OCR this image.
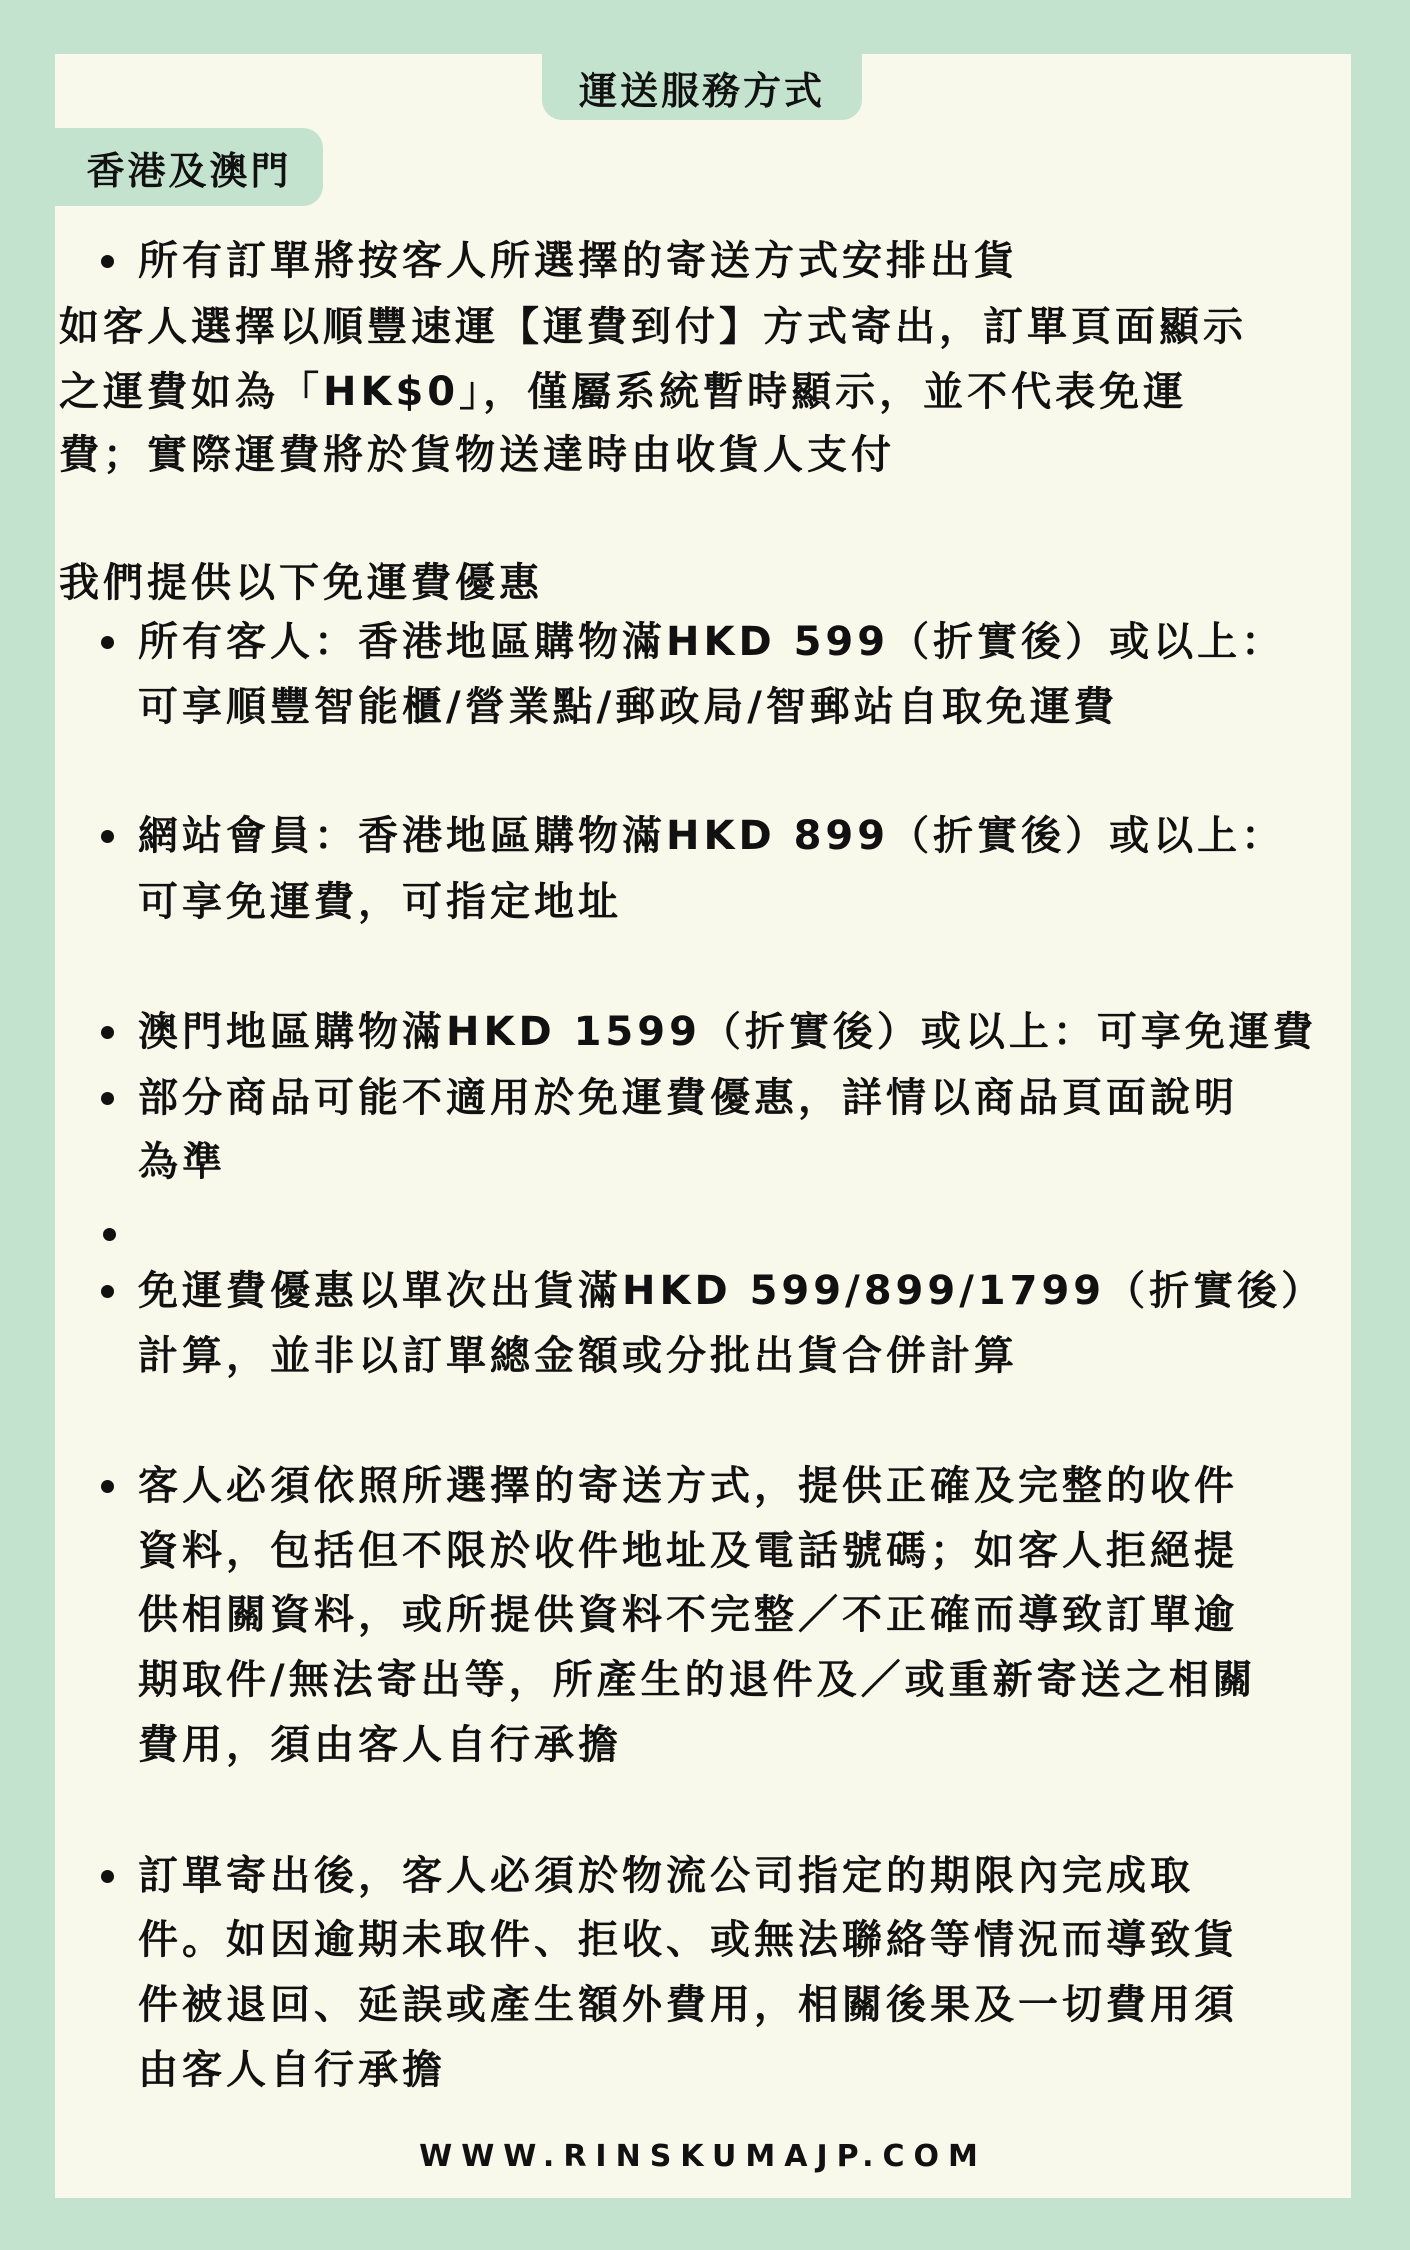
運送服務方式
香港及澳門
所有訂單將按客人所選擇的寄送方式安排出貨
如客人選擇以順豐速運【運費到付】方式寄出，訂單頁面顯示
之運費如為「HK$0」，僅屬系統暫時顯示，並不代表免運
費；實際運費將於貨物送達時由收貨人支付
我們提供以下免運費優惠
所有客人：香港地區購物滿HKD 599（折實後）或以上：
可享順豐智能櫃/營業點/郵政局/智郵站自取免運費
網站會員：香港地區購物滿HKD 899（折實後）或以上：
可享免運費，可指定地址
澳門地區購物滿HKD 1599（折實後）或以上：可享免運費
部分商品可能不適用於免運費優惠，詳情以商品頁面說明
為準
免運費優惠以單次出貨滿HKD 599/899/1799（折實後）
計算，並非以訂單總金額或分批出貨合併計算
客人必須依照所選擇的寄送方式，提供正確及完整的收件
資料，包括但不限於收件地址及電話號碼；如客人拒絕提
供相關資料，或所提供資料不完整／不正確而導致訂單逾
期取件/無法寄出等，所產生的退件及／或重新寄送之相關
費用，須由客人自行承擔
訂單寄出後，客人必須於物流公司指定的期限內完成取
件。如因逾期未取件、拒收、或無法聯絡等情況而導致貨
件被退回、延誤或產生額外費用，相關後果及一切費用須
由客人自行承擔
WWW.RINSKUMAJP.COM
